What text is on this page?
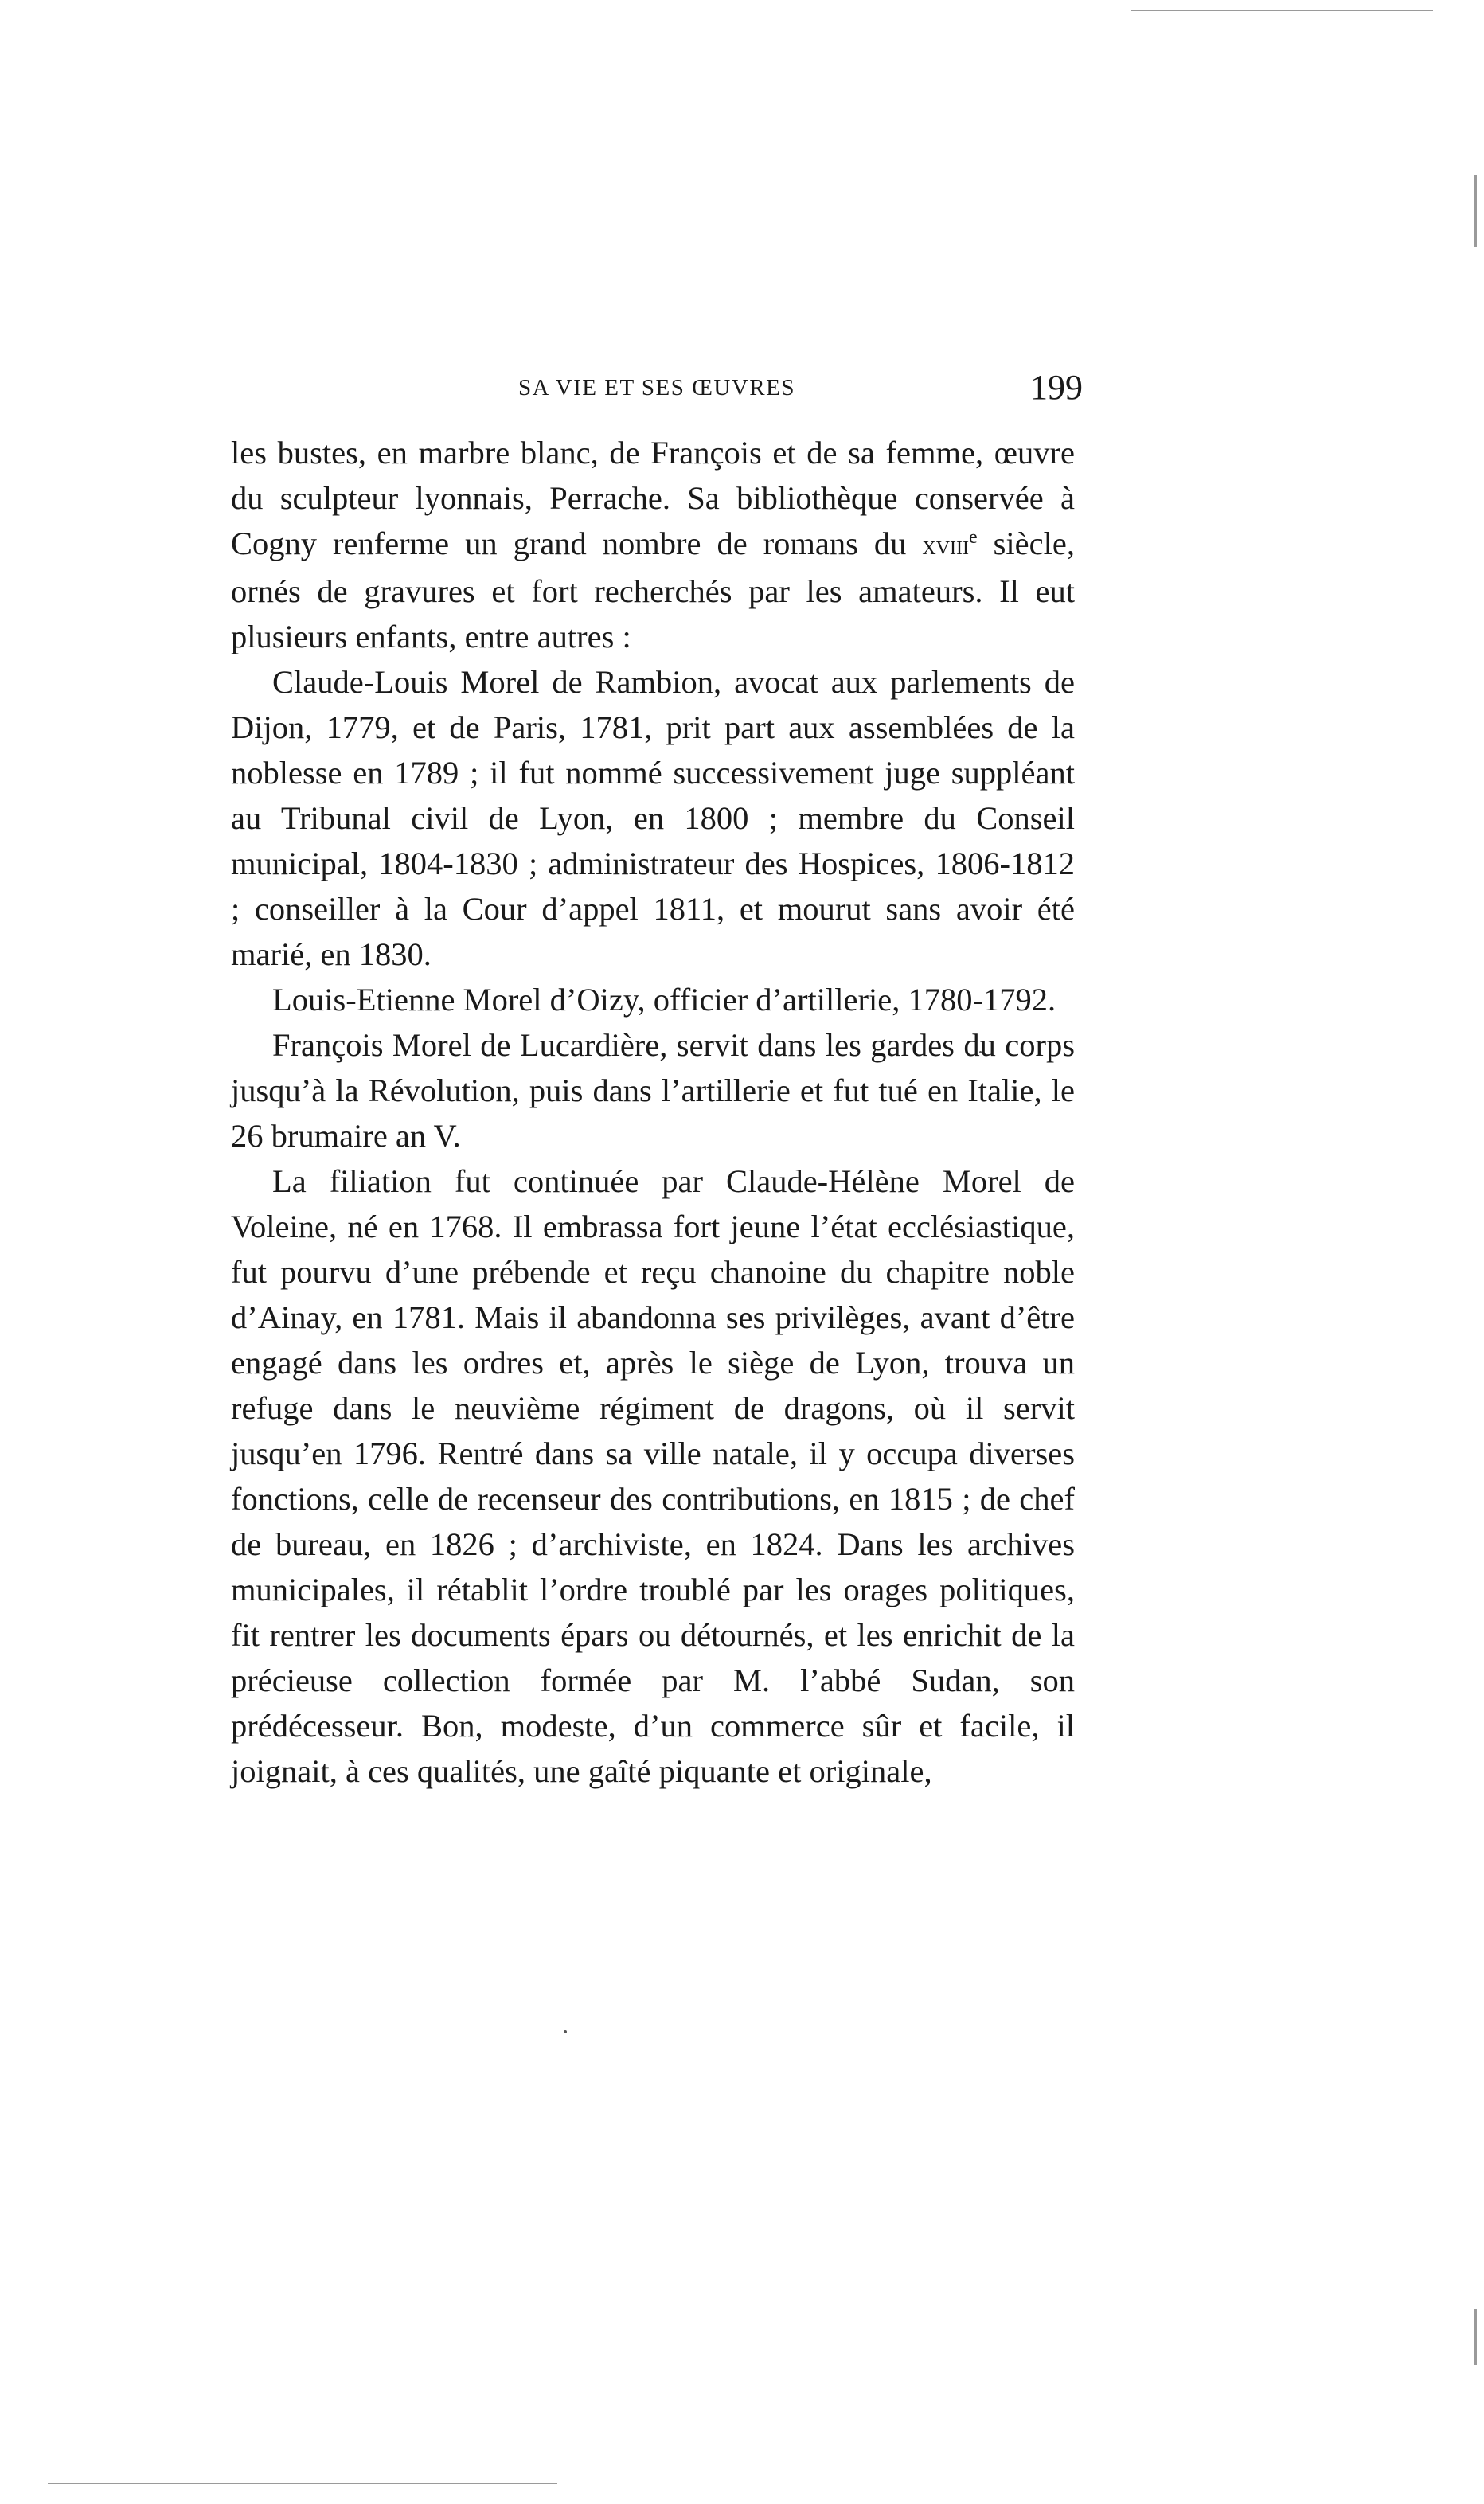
SA VIE ET SES ŒUVRES	199

les bustes, en marbre blanc, de François et de sa femme, œuvre du sculpteur lyonnais, Perrache. Sa bibliothèque conservée à Cogny renferme un grand nombre de romans du xviii$^e$ siècle, ornés de gravures et fort recherchés par les amateurs. Il eut plusieurs enfants, entre autres :

Claude-Louis Morel de Rambion, avocat aux parlements de Dijon, 1779, et de Paris, 1781, prit part aux assemblées de la noblesse en 1789 ; il fut nommé successivement juge suppléant au Tribunal civil de Lyon, en 1800 ; membre du Conseil municipal, 1804-1830 ; administrateur des Hospices, 1806-1812 ; conseiller à la Cour d’appel 1811, et mourut sans avoir été marié, en 1830.

Louis-Etienne Morel d’Oizy, officier d’artillerie, 1780-1792.

François Morel de Lucardière, servit dans les gardes du corps jusqu’à la Révolution, puis dans l’artillerie et fut tué en Italie, le 26 brumaire an V.

La filiation fut continuée par Claude-Hélène Morel de Voleine, né en 1768. Il embrassa fort jeune l’état ecclésiastique, fut pourvu d’une prébende et reçu chanoine du chapitre noble d’Ainay, en 1781. Mais il abandonna ses privilèges, avant d’être engagé dans les ordres et, après le siège de Lyon, trouva un refuge dans le neuvième régiment de dragons, où il servit jusqu’en 1796. Rentré dans sa ville natale, il y occupa diverses fonctions, celle de recenseur des contributions, en 1815 ; de chef de bureau, en 1826 ; d’archiviste, en 1824. Dans les archives municipales, il rétablit l’ordre troublé par les orages politiques, fit rentrer les documents épars ou détournés, et les enrichit de la précieuse collection formée par M. l’abbé Sudan, son prédécesseur. Bon, modeste, d’un commerce sûr et facile, il joignait, à ces qualités, une gaîté piquante et originale,
